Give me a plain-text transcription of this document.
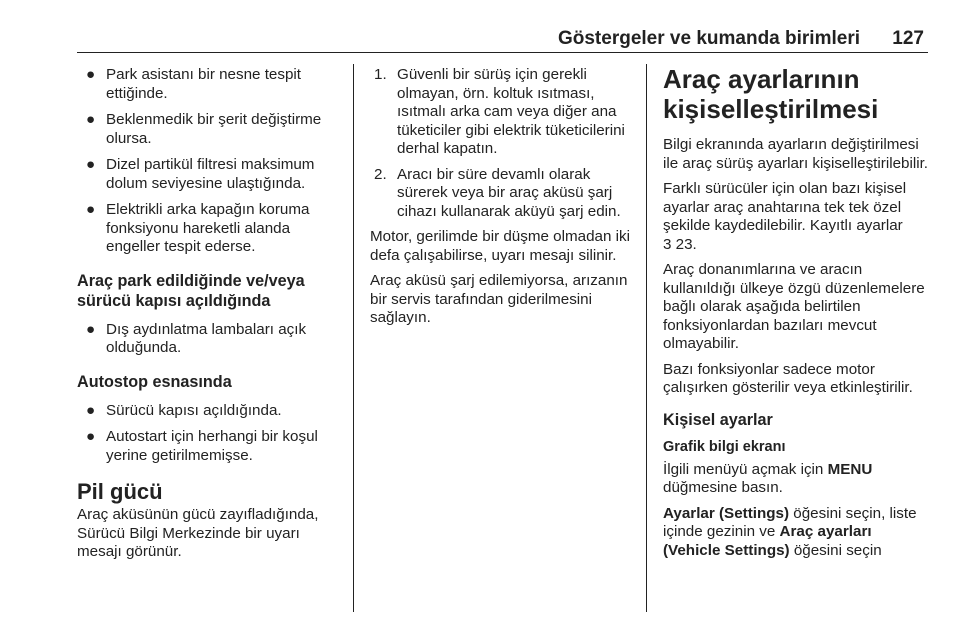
Göstergeler ve kumanda birimleri 127
● Park asistanı bir nesne tespit ettiğinde.
● Beklenmedik bir şerit değiştirme olursa.
● Dizel partikül filtresi maksimum dolum seviyesine ulaştığında.
● Elektrikli arka kapağın koruma fonksiyonu hareketli alanda engeller tespit ederse.
Araç park edildiğinde ve/veya sürücü kapısı açıldığında
● Dış aydınlatma lambaları açık olduğunda.
Autostop esnasında
● Sürücü kapısı açıldığında.
● Autostart için herhangi bir koşul yerine getirilmemişse.
Pil gücü

Araç aküsünün gücü zayıfladığında, Sürücü Bilgi Merkezinde bir uyarı mesajı görünür.

1. Güvenli bir sürüş için gerekli olmayan, örn. koltuk ısıtması, ısıtmalı arka cam veya diğer ana tüketiciler gibi elektrik tüketicilerini derhal kapatın.
2. Aracı bir süre devamlı olarak sürerek veya bir araç aküsü şarj cihazı kullanarak aküyü şarj edin.

Motor, gerilimde bir düşme olmadan iki defa çalışabilirse, uyarı mesajı silinir.

Araç aküsü şarj edilemiyorsa, arızanın bir servis tarafından giderilmesini sağlayın.

Araç ayarlarının
kişiselleştirilmesi

Bilgi ekranında ayarların değiştirilmesi ile araç sürüş ayarları kişiselleştirilebilir.

Farklı sürücüler için olan bazı kişisel ayarlar araç anahtarına tek tek özel şekilde kaydedilebilir. Kayıtlı ayarlar
3 23.

Araç donanımlarına ve aracın kullanıldığı ülkeye özgü düzenlemelere bağlı olarak aşağıda belirtilen fonksiyonlardan bazıları mevcut olmayabilir.

Bazı fonksiyonlar sadece motor çalışırken gösterilir veya etkinleştirilir.

Kişisel ayarlar
Grafik bilgi ekranı

İlgili menüyü açmak için MENU düğmesine basın.

Ayarlar (Settings) öğesini seçin, liste içinde gezinin ve Araç ayarları (Vehicle Settings) öğesini seçin
